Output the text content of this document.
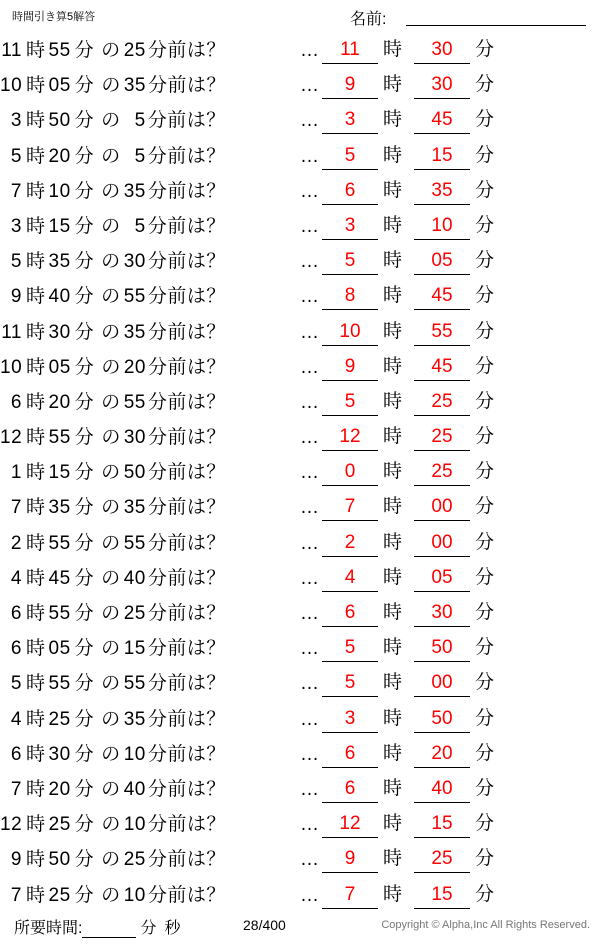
時間引き算5解答	名前:
11 時 55 分 の 25 分前は？	…	11 時	30 分
10 時 05 分 の 35 分前は？	…	9 時	30 分
3 時 50 分 の 5 分前は？	…	3 時	45 分
5 時 20 分 の 5 分前は？	…	5 時	15 分
7 時 10 分 の 35 分前は？	…	6 時	35 分
3 時 15 分 の 5 分前は？	…	3 時	10 分
5 時 35 分 の 30 分前は？	…	5 時	05 分
9 時 40 分 の 55 分前は？	…	8 時	45 分
11 時 30 分 の 35 分前は？	…	10 時	55 分
10 時 05 分 の 20 分前は？	…	9 時	45 分
6 時 20 分 の 55 分前は？	…	5 時	25 分
12 時 55 分 の 30 分前は？	…	12 時	25 分
1 時 15 分 の 50 分前は？	…	0 時	25 分
7 時 35 分 の 35 分前は？	…	7 時	00 分
2 時 55 分 の 55 分前は？	…	2 時	00 分
4 時 45 分 の 40 分前は？	…	4 時	05 分
6 時 55 分 の 25 分前は？	…	6 時	30 分
6 時 05 分 の 15 分前は？	…	5 時	50 分
5 時 55 分 の 55 分前は？	…	5 時	00 分
4 時 25 分 の 35 分前は？	…	3 時	50 分
6 時 30 分 の 10 分前は？	…	6 時	20 分
7 時 20 分 の 40 分前は？	…	6 時	40 分
12 時 25 分 の 10 分前は？	…	12 時	15 分
9 時 50 分 の 25 分前は？	…	9 時	25 分
7 時 25 分 の 10 分前は？	…	7 時	15 分
所要時間:	分 秒	28/400	Copyright © Alpha,Inc All Rights Reserved.
